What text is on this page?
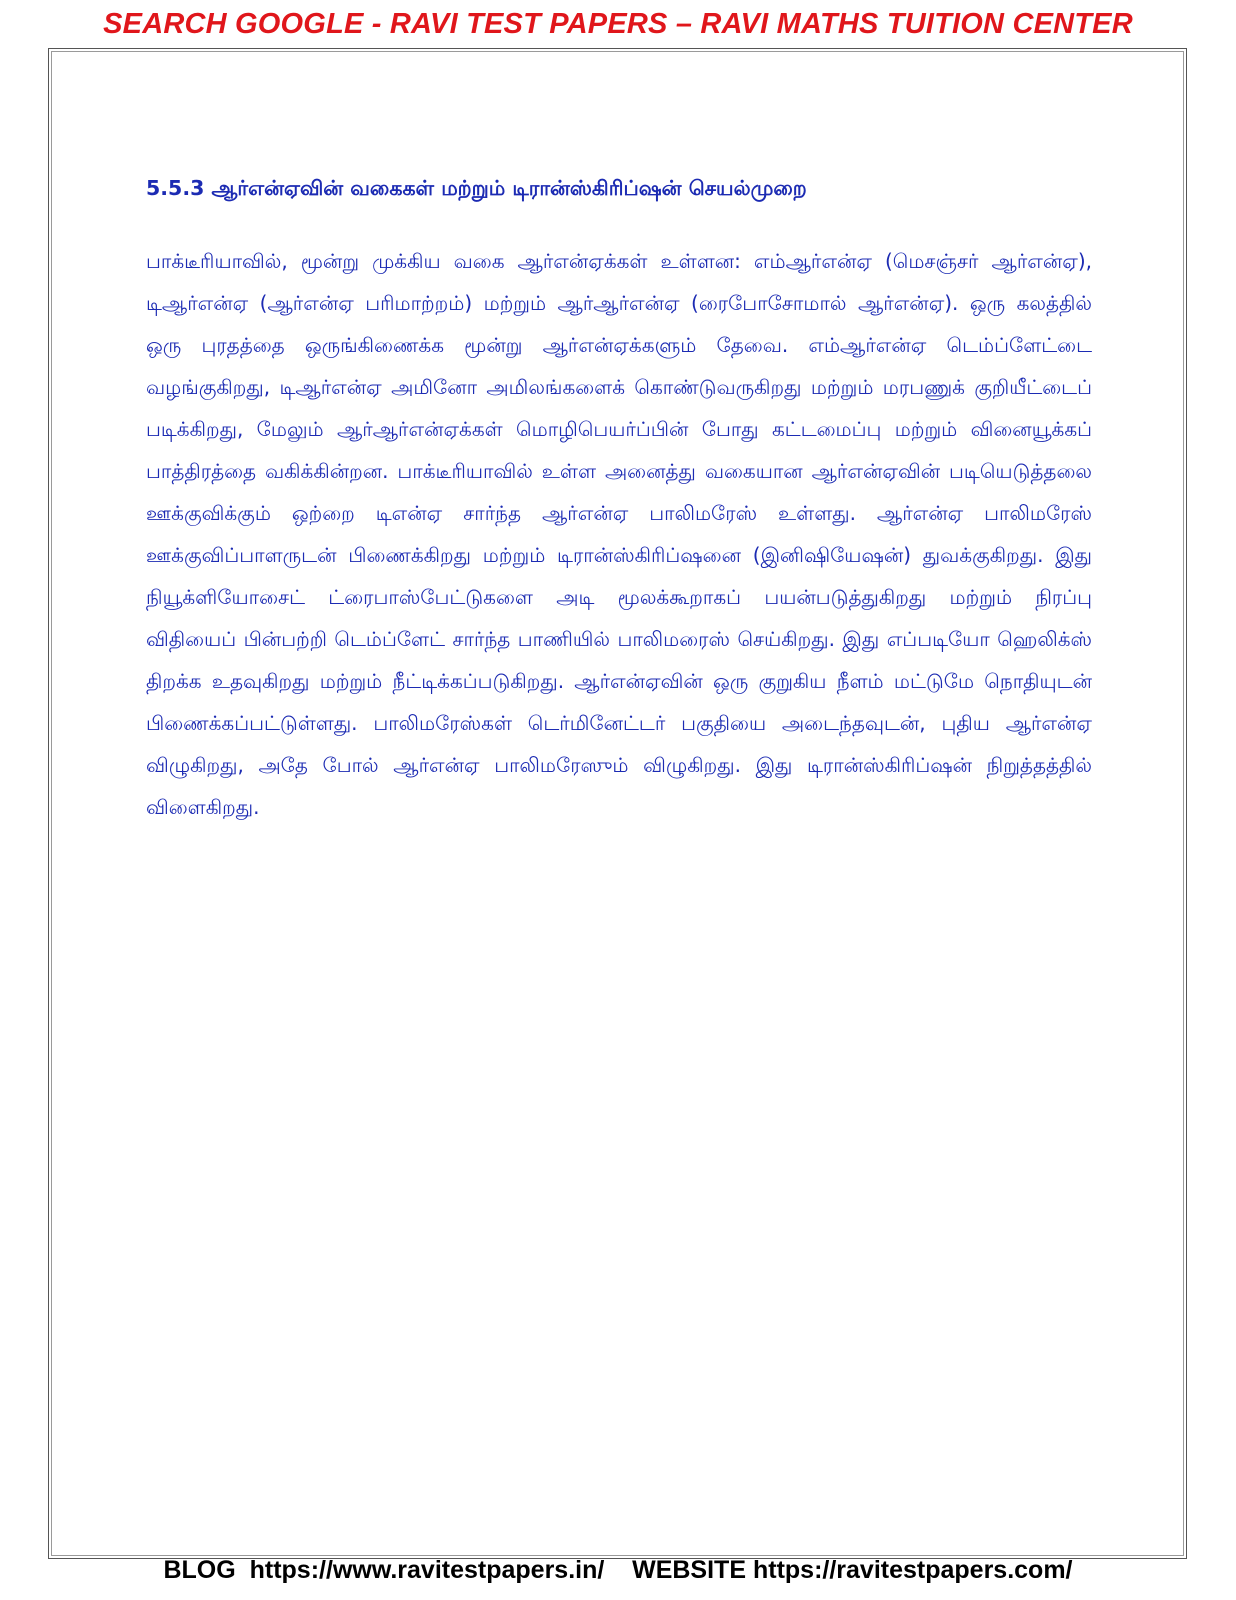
SEARCH GOOGLE - RAVI TEST PAPERS – RAVI MATHS TUITION CENTER
5.5.3 ஆர்என்ஏவின் வகைகள் மற்றும் டிரான்ஸ்கிரிப்ஷன் செயல்முறை

பாக்டீரியாவில், மூன்று முக்கிய வகை ஆர்என்ஏக்கள் உள்ளன: எம்ஆர்என்ஏ (மெசஞ்சர் ஆர்என்ஏ), டிஆர்என்ஏ (ஆர்என்ஏ பரிமாற்றம்) மற்றும் ஆர்ஆர்என்ஏ (ரைபோசோமால் ஆர்என்ஏ). ஒரு கலத்தில் ஒரு புரதத்தை ஒருங்கிணைக்க மூன்று ஆர்என்ஏக்களும் தேவை. எம்ஆர்என்ஏ டெம்ப்ளேட்டை வழங்குகிறது, டிஆர்என்ஏ அமினோ அமிலங்களைக் கொண்டுவருகிறது மற்றும் மரபணுக் குறியீட்டைப் படிக்கிறது, மேலும் ஆர்ஆர்என்ஏக்கள் மொழிபெயர்ப்பின் போது கட்டமைப்பு மற்றும் வினையூக்கப் பாத்திரத்தை வகிக்கின்றன. பாக்டீரியாவில் உள்ள அனைத்து வகையான ஆர்என்ஏவின் படியெடுத்தலை ஊக்குவிக்கும் ஒற்றை டிஎன்ஏ சார்ந்த ஆர்என்ஏ பாலிமரேஸ் உள்ளது. ஆர்என்ஏ பாலிமரேஸ் ஊக்குவிப்பாளருடன் பிணைக்கிறது மற்றும் டிரான்ஸ்கிரிப்ஷனை (இனிஷியேஷன்) துவக்குகிறது. இது நியூக்ளியோசைட் ட்ரைபாஸ்பேட்டுகளை அடி மூலக்கூறாகப் பயன்படுத்துகிறது மற்றும் நிரப்பு விதியைப் பின்பற்றி டெம்ப்ளேட் சார்ந்த பாணியில் பாலிமரைஸ் செய்கிறது. இது எப்படியோ ஹெலிக்ஸ் திறக்க உதவுகிறது மற்றும் நீட்டிக்கப்படுகிறது. ஆர்என்ஏவின் ஒரு குறுகிய நீளம் மட்டுமே நொதியுடன் பிணைக்கப்பட்டுள்ளது. பாலிமரேஸ்கள் டெர்மினேட்டர் பகுதியை அடைந்தவுடன், புதிய ஆர்என்ஏ விழுகிறது, அதே போல் ஆர்என்ஏ பாலிமரேஸும் விழுகிறது. இது டிரான்ஸ்கிரிப்ஷன் நிறுத்தத்தில் விளைகிறது.

BLOG https://www.ravitestpapers.in/ WEBSITE https://ravitestpapers.com/
